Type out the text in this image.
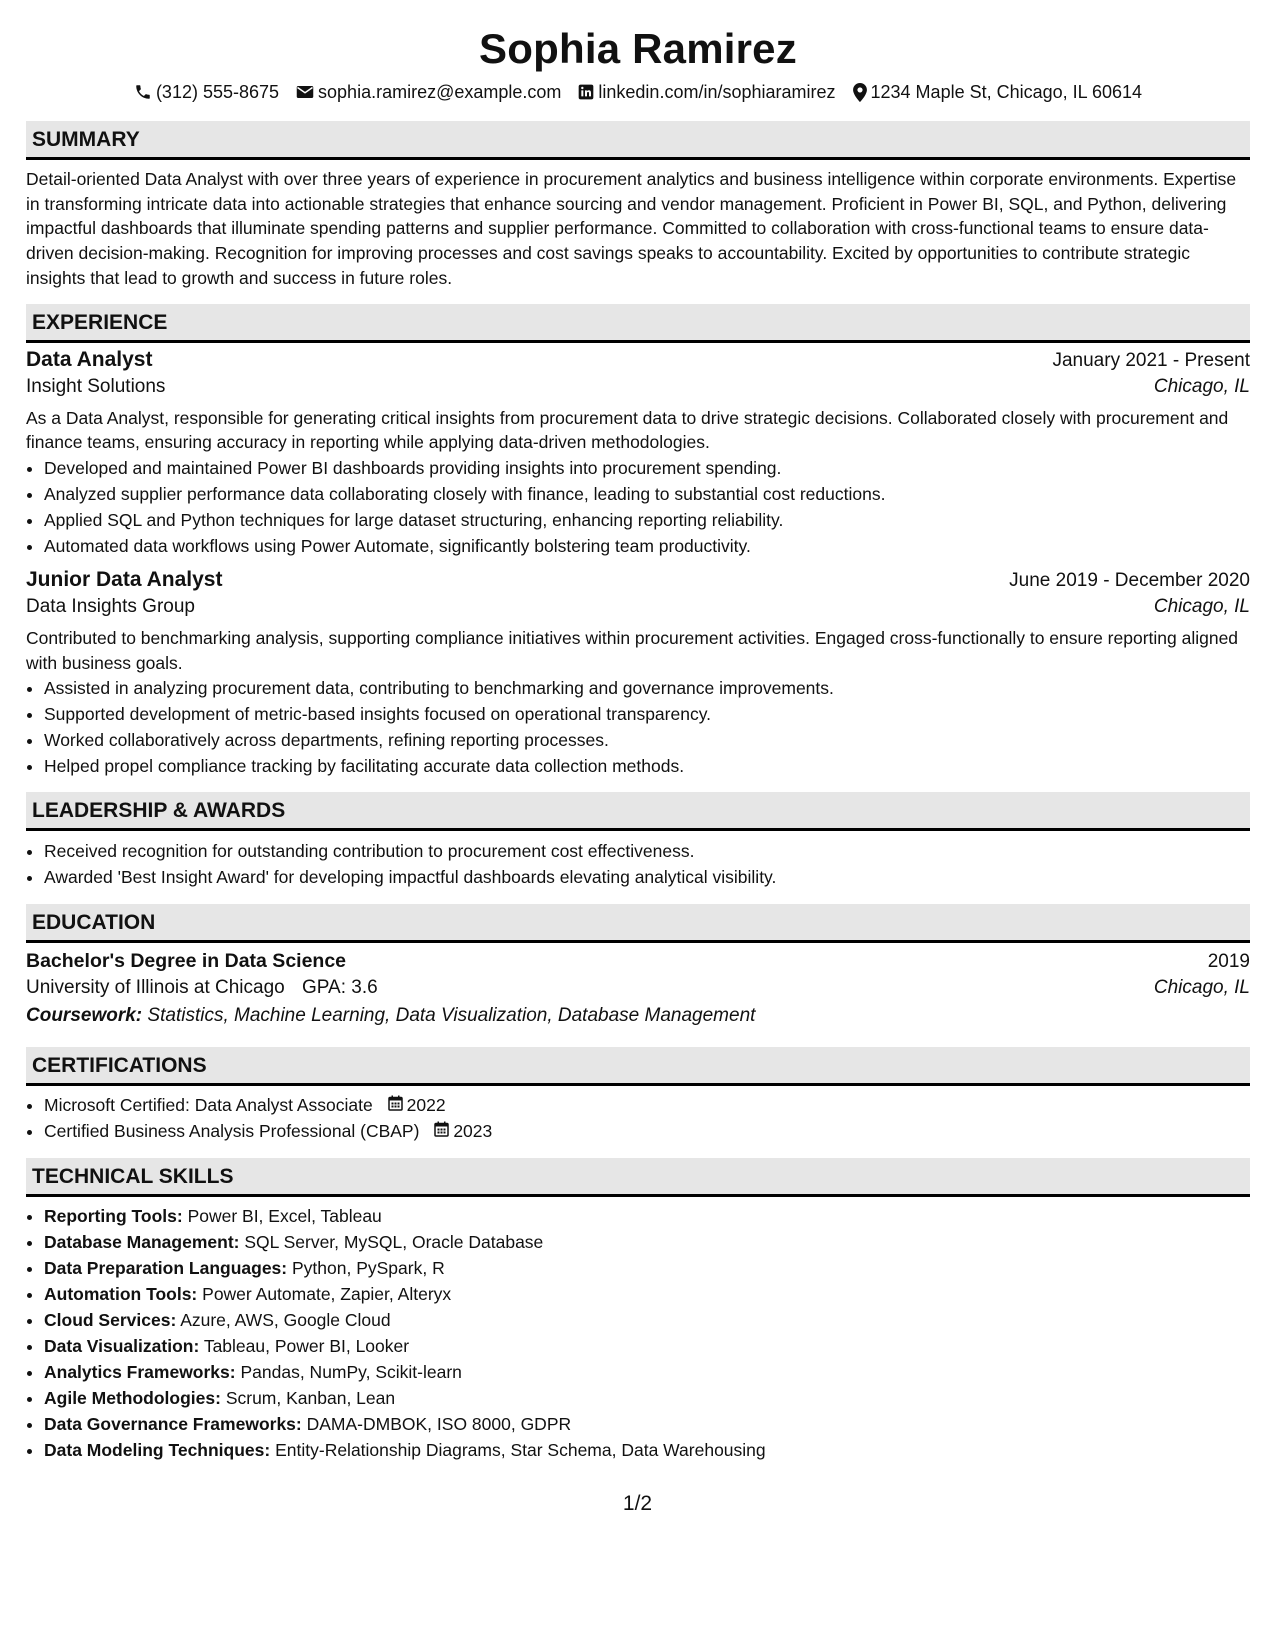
Sophia Ramirez
(312) 555-8675 sophia.ramirez@example.com linkedin.com/in/sophiaramirez 1234 Maple St, Chicago, IL 60614
SUMMARY

Detail-oriented Data Analyst with over three years of experience in procurement analytics and business intelligence within corporate environments. Expertise in transforming intricate data into actionable strategies that enhance sourcing and vendor management. Proficient in Power BI, SQL, and Python, delivering impactful dashboards that illuminate spending patterns and supplier performance. Committed to collaboration with cross-functional teams to ensure data-driven decision-making. Recognition for improving processes and cost savings speaks to accountability. Excited by opportunities to contribute strategic insights that lead to growth and success in future roles.

EXPERIENCE
Data Analyst	January 2021 - Present
Insight Solutions	Chicago, IL

As a Data Analyst, responsible for generating critical insights from procurement data to drive strategic decisions. Collaborated closely with procurement and finance teams, ensuring accuracy in reporting while applying data-driven methodologies.

• Developed and maintained Power BI dashboards providing insights into procurement spending.
• Analyzed supplier performance data collaborating closely with finance, leading to substantial cost reductions.
• Applied SQL and Python techniques for large dataset structuring, enhancing reporting reliability.
• Automated data workflows using Power Automate, significantly bolstering team productivity.
Junior Data Analyst	June 2019 - December 2020
Data Insights Group	Chicago, IL

Contributed to benchmarking analysis, supporting compliance initiatives within procurement activities. Engaged cross-functionally to ensure reporting aligned with business goals.

• Assisted in analyzing procurement data, contributing to benchmarking and governance improvements.
• Supported development of metric-based insights focused on operational transparency.
• Worked collaboratively across departments, refining reporting processes.
• Helped propel compliance tracking by facilitating accurate data collection methods.
LEADERSHIP & AWARDS
• Received recognition for outstanding contribution to procurement cost effectiveness.
• Awarded 'Best Insight Award' for developing impactful dashboards elevating analytical visibility.
EDUCATION
Bachelor's Degree in Data Science	2019
University of Illinois at Chicago GPA: 3.6	Chicago, IL
Coursework: Statistics, Machine Learning, Data Visualization, Database Management
CERTIFICATIONS
• Microsoft Certified: Data Analyst Associate 2022
• Certified Business Analysis Professional (CBAP) 2023
TECHNICAL SKILLS
• Reporting Tools: Power BI, Excel, Tableau
• Database Management: SQL Server, MySQL, Oracle Database
• Data Preparation Languages: Python, PySpark, R
• Automation Tools: Power Automate, Zapier, Alteryx
• Cloud Services: Azure, AWS, Google Cloud
• Data Visualization: Tableau, Power BI, Looker
• Analytics Frameworks: Pandas, NumPy, Scikit-learn
• Agile Methodologies: Scrum, Kanban, Lean
• Data Governance Frameworks: DAMA-DMBOK, ISO 8000, GDPR
• Data Modeling Techniques: Entity-Relationship Diagrams, Star Schema, Data Warehousing
1/2
